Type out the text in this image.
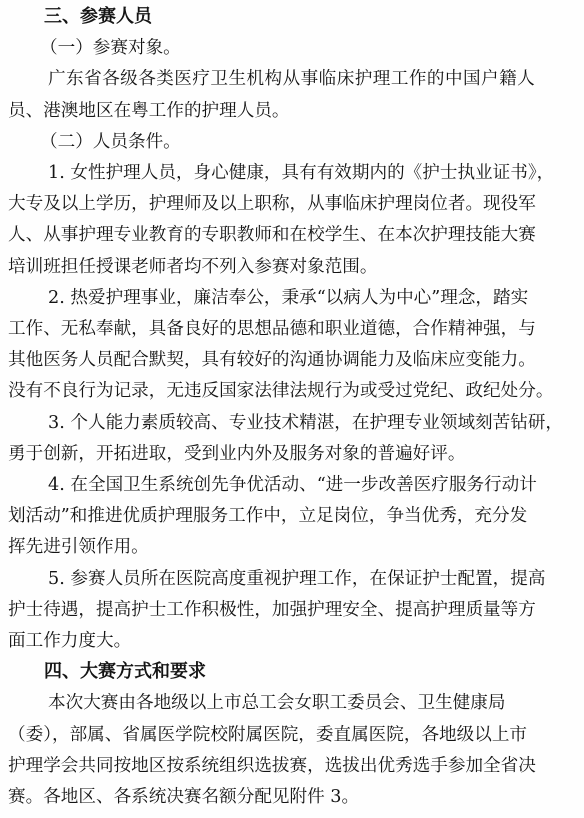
三、参赛人员
（一）参赛对象。
广东省各级各类医疗卫生机构从事临床护理工作的中国户籍人
员、港澳地区在粤工作的护理人员。
（二）人员条件。
1. 女性护理人员，身心健康，具有有效期内的《护士执业证书》，
大专及以上学历，护理师及以上职称，从事临床护理岗位者。现役军
人、从事护理专业教育的专职教师和在校学生、在本次护理技能大赛
培训班担任授课老师者均不列入参赛对象范围。
2. 热爱护理事业，廉洁奉公，秉承“以病人为中心”理念，踏实
工作、无私奉献，具备良好的思想品德和职业道德，合作精神强，与
其他医务人员配合默契，具有较好的沟通协调能力及临床应变能力。
没有不良行为记录，无违反国家法律法规行为或受过党纪、政纪处分。
3. 个人能力素质较高、专业技术精湛，在护理专业领域刻苦钻研，
勇于创新，开拓进取，受到业内外及服务对象的普遍好评。
4. 在全国卫生系统创先争优活动、“进一步改善医疗服务行动计
划活动”和推进优质护理服务工作中，立足岗位，争当优秀，充分发
挥先进引领作用。
5. 参赛人员所在医院高度重视护理工作，在保证护士配置，提高
护士待遇，提高护士工作积极性，加强护理安全、提高护理质量等方
面工作力度大。
四、大赛方式和要求
本次大赛由各地级以上市总工会女职工委员会、卫生健康局
（委），部属、省属医学院校附属医院，委直属医院，各地级以上市
护理学会共同按地区按系统组织选拔赛，选拔出优秀选手参加全省决
赛。各地区、各系统决赛名额分配见附件 3。
